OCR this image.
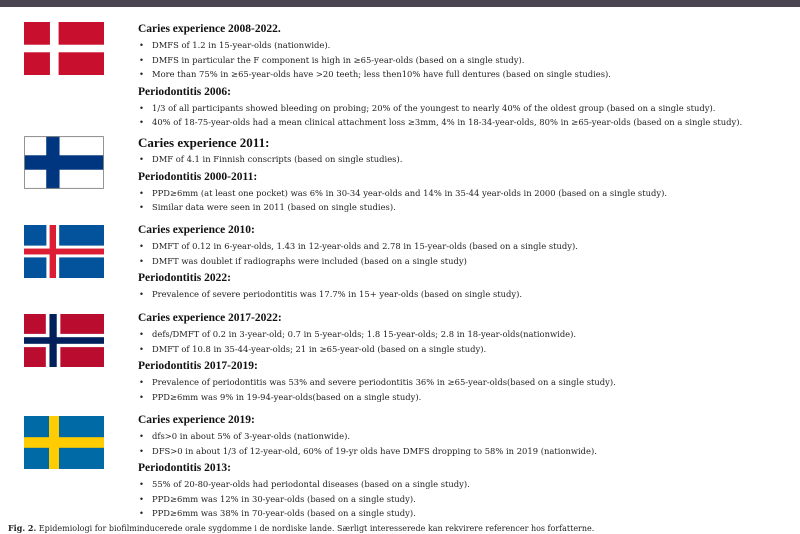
Caries experience 2008-2022.
• DMFS of 1.2 in 15-year-olds (nationwide).
• DMFS in particular the F component is high in ≥65-year-olds (based on a single study).
• More than 75% in ≥65-year-olds have >20 teeth; less then10% have full dentures (based on single studies).
Periodontitis 2006:
• 1/3 of all participants showed bleeding on probing; 20% of the youngest to nearly 40% of the oldest group (based on a single study).
• 40% of 18-75-year-olds had a mean clinical attachment loss ≥3mm, 4% in 18-34-year-olds, 80% in ≥65-year-olds (based on a single study).
Caries experience 2011:
• DMF of 4.1 in Finnish conscripts (based on single studies).
Periodontitis 2000-2011:
• PPD≥6mm (at least one pocket) was 6% in 30-34 year-olds and 14% in 35-44 year-olds in 2000 (based on a single study).
• Similar data were seen in 2011 (based on single studies).
Caries experience 2010:
• DMFT of 0.12 in 6-year-olds, 1.43 in 12-year-olds and 2.78 in 15-year-olds (based on a single study).
• DMFT was doublet if radiographs were included (based on a single study)
Periodontitis 2022:
• Prevalence of severe periodontitis was 17.7% in 15+ year-olds (based on single study).
Caries experience 2017-2022:
• defs/DMFT of 0.2 in 3-year-old; 0.7 in 5-year-olds; 1.8 15-year-olds; 2.8 in 18-year-olds(nationwide).
• DMFT of 10.8 in 35-44-year-olds; 21 in ≥65-year-old (based on a single study).
Periodontitis 2017-2019:
• Prevalence of periodontitis was 53% and severe periodontitis 36% in ≥65-year-olds(based on a single study).
• PPD≥6mm was 9% in 19-94-year-olds(based on a single study).
Caries experience 2019:
• dfs>0 in about 5% of 3-year-olds (nationwide).
• DFS>0 in about 1/3 of 12-year-old, 60% of 19-yr olds have DMFS dropping to 58% in 2019 (nationwide).
Periodontitis 2013:
• 55% of 20-80-year-olds had periodontal diseases (based on a single study).
• PPD≥6mm was 12% in 30-year-olds (based on a single study).
• PPD≥6mm was 38% in 70-year-olds (based on a single study).
Fig. 2. Epidemiologi for biofilminducerede orale sygdomme i de nordiske lande. Særligt interesserede kan rekvirere referencer hos forfatterne.
